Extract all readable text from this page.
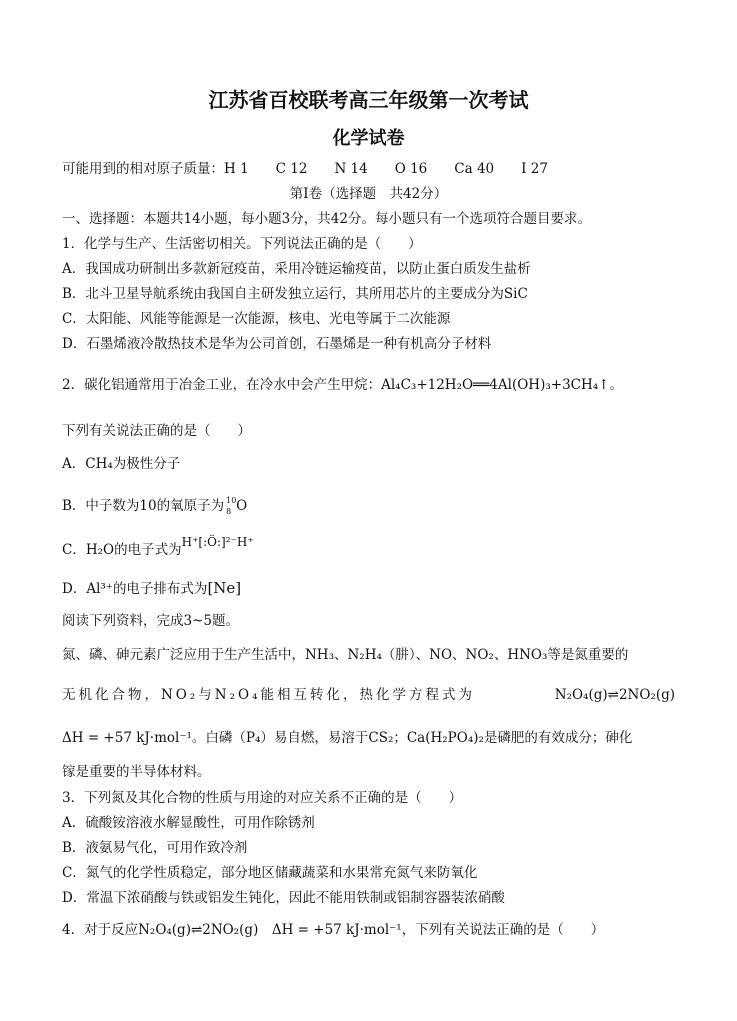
江苏省百校联考高三年级第一次考试
化学试卷
可能用到的相对原子质量：H 1　　C 12　　N 14　　O 16　　Ca 40　　I 27
第Ⅰ卷（选择题　共42分）
一、选择题：本题共14小题，每小题3分，共42分。每小题只有一个选项符合题目要求。
1．化学与生产、生活密切相关。下列说法正确的是（　　）
A．我国成功研制出多款新冠疫苗，采用冷链运输疫苗，以防止蛋白质发生盐析
B．北斗卫星导航系统由我国自主研发独立运行，其所用芯片的主要成分为SiC
C．太阳能、风能等能源是一次能源，核电、光电等属于二次能源
D．石墨烯液冷散热技术是华为公司首创，石墨烯是一种有机高分子材料
2．碳化铝通常用于冶金工业，在冷水中会产生甲烷：Al₄C₃+12H₂O══4Al(OH)₃+3CH₄↑。
下列有关说法正确的是（　　）
A．CH₄为极性分子
B．中子数为10的氧原子为 10
8 O
C．H₂O的电子式为H⁺[:Ö:]²⁻H⁺
D．Al³⁺的电子排布式为[Ne]
阅读下列资料，完成3~5题。
氮、磷、砷元素广泛应用于生产生活中，NH₃、N₂H₄（肼）、NO、NO₂、HNO₃等是氮重要的
无机化合物，NO₂与N₂O₄能相互转化，热化学方程式为	N₂O₄(g)⇌2NO₂(g)
ΔH = +57 kJ·mol⁻¹。白磷（P₄）易自燃，易溶于CS₂；Ca(H₂PO₄)₂是磷肥的有效成分；砷化
镓是重要的半导体材料。
3．下列氮及其化合物的性质与用途的对应关系不正确的是（　　）
A．硫酸铵溶液水解显酸性，可用作除锈剂
B．液氨易气化，可用作致冷剂
C．氮气的化学性质稳定，部分地区储藏蔬菜和水果常充氮气来防氧化
D．常温下浓硝酸与铁或铝发生钝化，因此不能用铁制或铝制容器装浓硝酸
4．对于反应N₂O₄(g)⇌2NO₂(g)　ΔH = +57 kJ·mol⁻¹，下列有关说法正确的是（　　）
